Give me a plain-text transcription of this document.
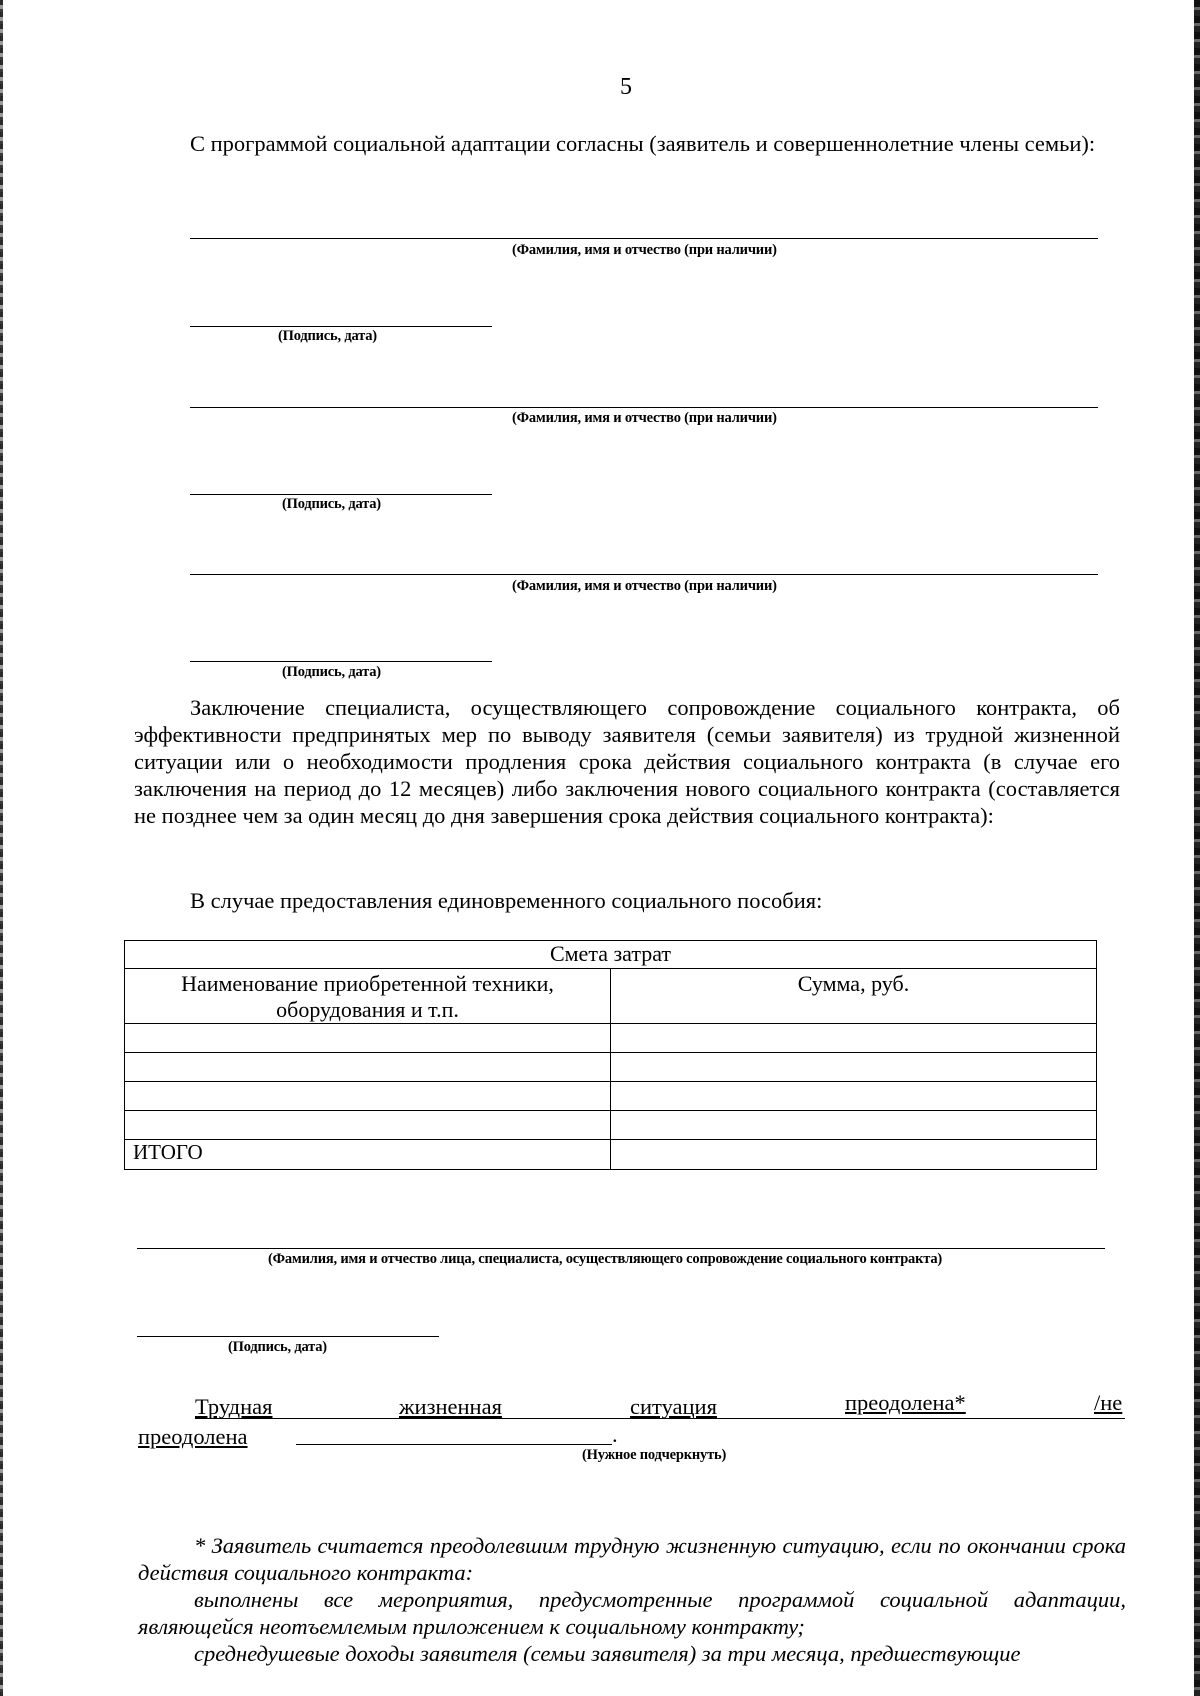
5
С программой социальной адаптации согласны (заявитель и совершеннолетние члены семьи):
(Фамилия, имя и отчество (при наличии)
(Подпись, дата)
(Фамилия, имя и отчество (при наличии)
(Подпись, дата)
(Фамилия, имя и отчество (при наличии)
(Подпись, дата)
Заключение специалиста, осуществляющего сопровождение социального контракта, об эффективности предпринятых мер по выводу заявителя (семьи заявителя) из трудной жизненной ситуации или о необходимости продления срока действия социального контракта (в случае его заключения на период до 12 месяцев) либо заключения нового социального контракта (составляется не позднее чем за один месяц до дня завершения срока действия социального контракта):
В случае предоставления единовременного социального пособия:
Смета затрат	
Наименование приобретенной техники, оборудования и т.п.	Сумма, руб.

ИТОГО	
(Фамилия, имя и отчество лица, специалиста, осуществляющего сопровождение социального контракта)
(Подпись, дата)
Трудная	жизненная	ситуация	преодолена*	/не
преодолена	.
(Нужное подчеркнуть)
* Заявитель считается преодолевшим трудную жизненную ситуацию, если по окончании срока действия социального контракта:
выполнены все мероприятия, предусмотренные программой социальной адаптации, являющейся неотъемлемым приложением к социальному контракту;
среднедушевые доходы заявителя (семьи заявителя) за три месяца, предшествующие
